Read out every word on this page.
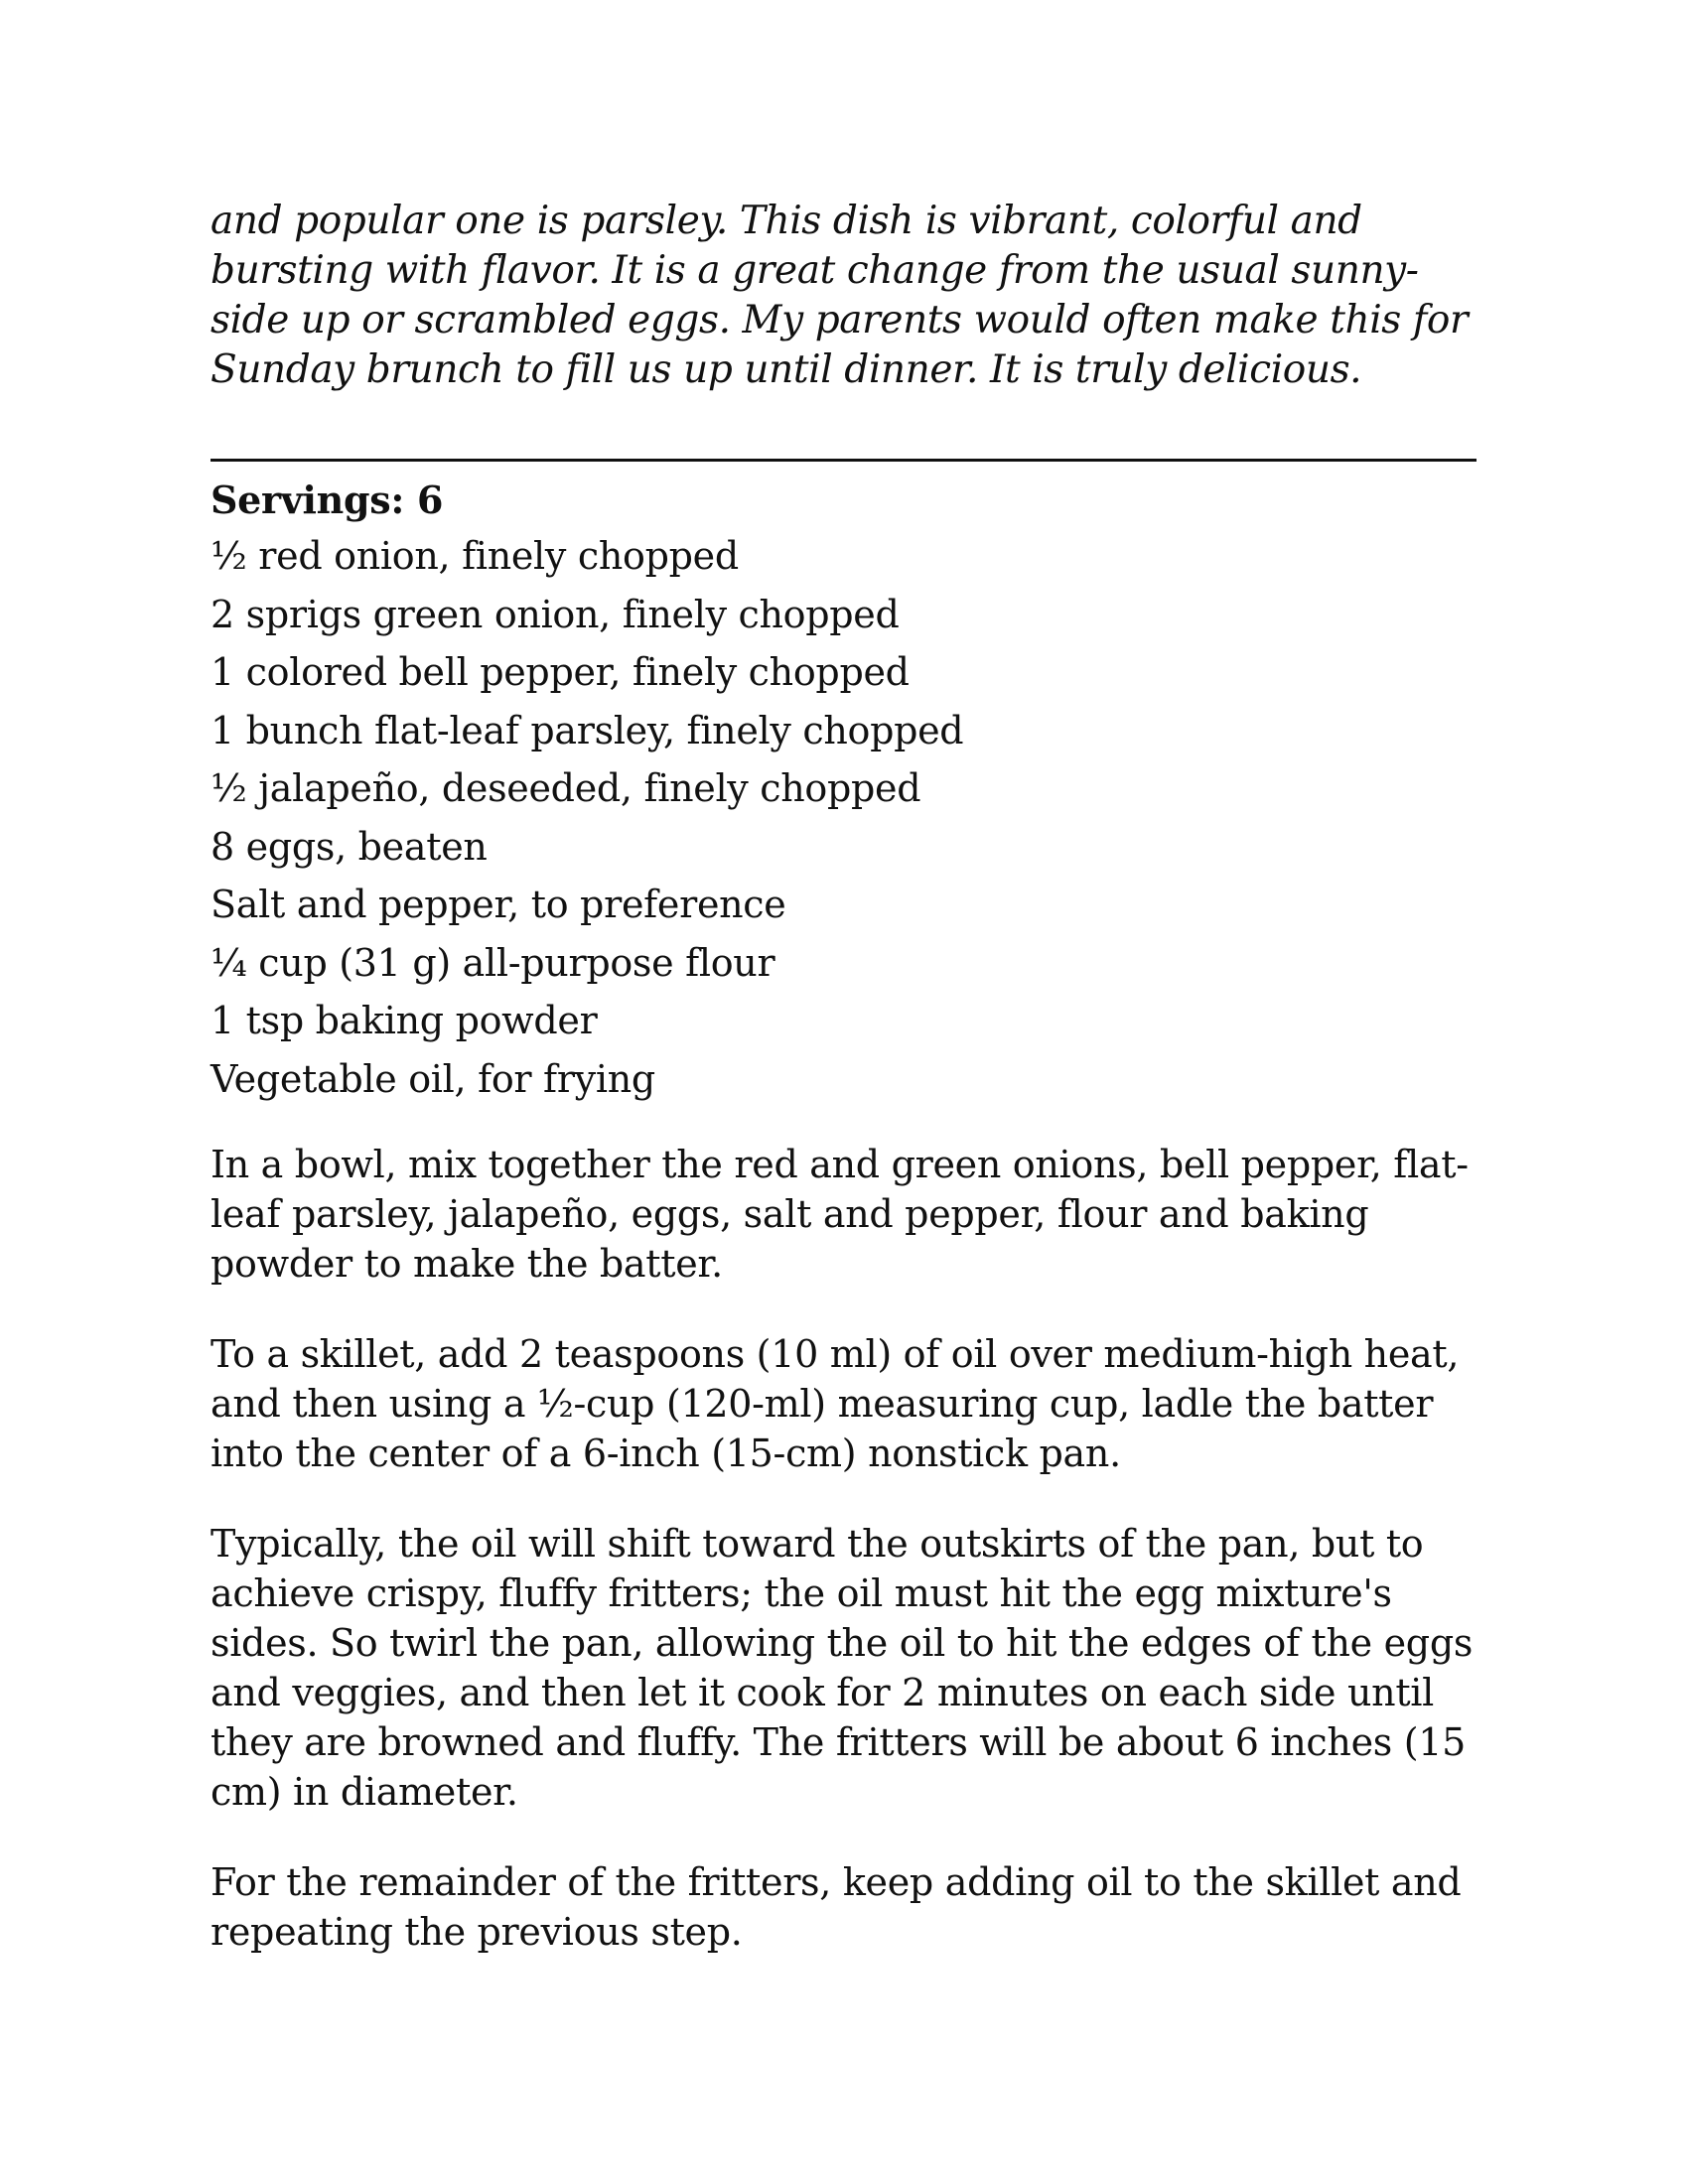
and popular one is parsley. This dish is vibrant, colorful and bursting with flavor. It is a great change from the usual sunny-side up or scrambled eggs. My parents would often make this for Sunday brunch to fill us up until dinner. It is truly delicious.

Servings: 6
½ red onion, finely chopped
2 sprigs green onion, finely chopped
1 colored bell pepper, finely chopped
1 bunch flat-leaf parsley, finely chopped
½ jalapeño, deseeded, finely chopped
8 eggs, beaten
Salt and pepper, to preference
¼ cup (31 g) all-purpose flour
1 tsp baking powder
Vegetable oil, for frying

In a bowl, mix together the red and green onions, bell pepper, flat-leaf parsley, jalapeño, eggs, salt and pepper, flour and baking powder to make the batter.

To a skillet, add 2 teaspoons (10 ml) of oil over medium-high heat, and then using a ½-cup (120-ml) measuring cup, ladle the batter into the center of a 6-inch (15-cm) nonstick pan.

Typically, the oil will shift toward the outskirts of the pan, but to achieve crispy, fluffy fritters; the oil must hit the egg mixture's sides. So twirl the pan, allowing the oil to hit the edges of the eggs and veggies, and then let it cook for 2 minutes on each side until they are browned and fluffy. The fritters will be about 6 inches (15 cm) in diameter.

For the remainder of the fritters, keep adding oil to the skillet and repeating the previous step.
